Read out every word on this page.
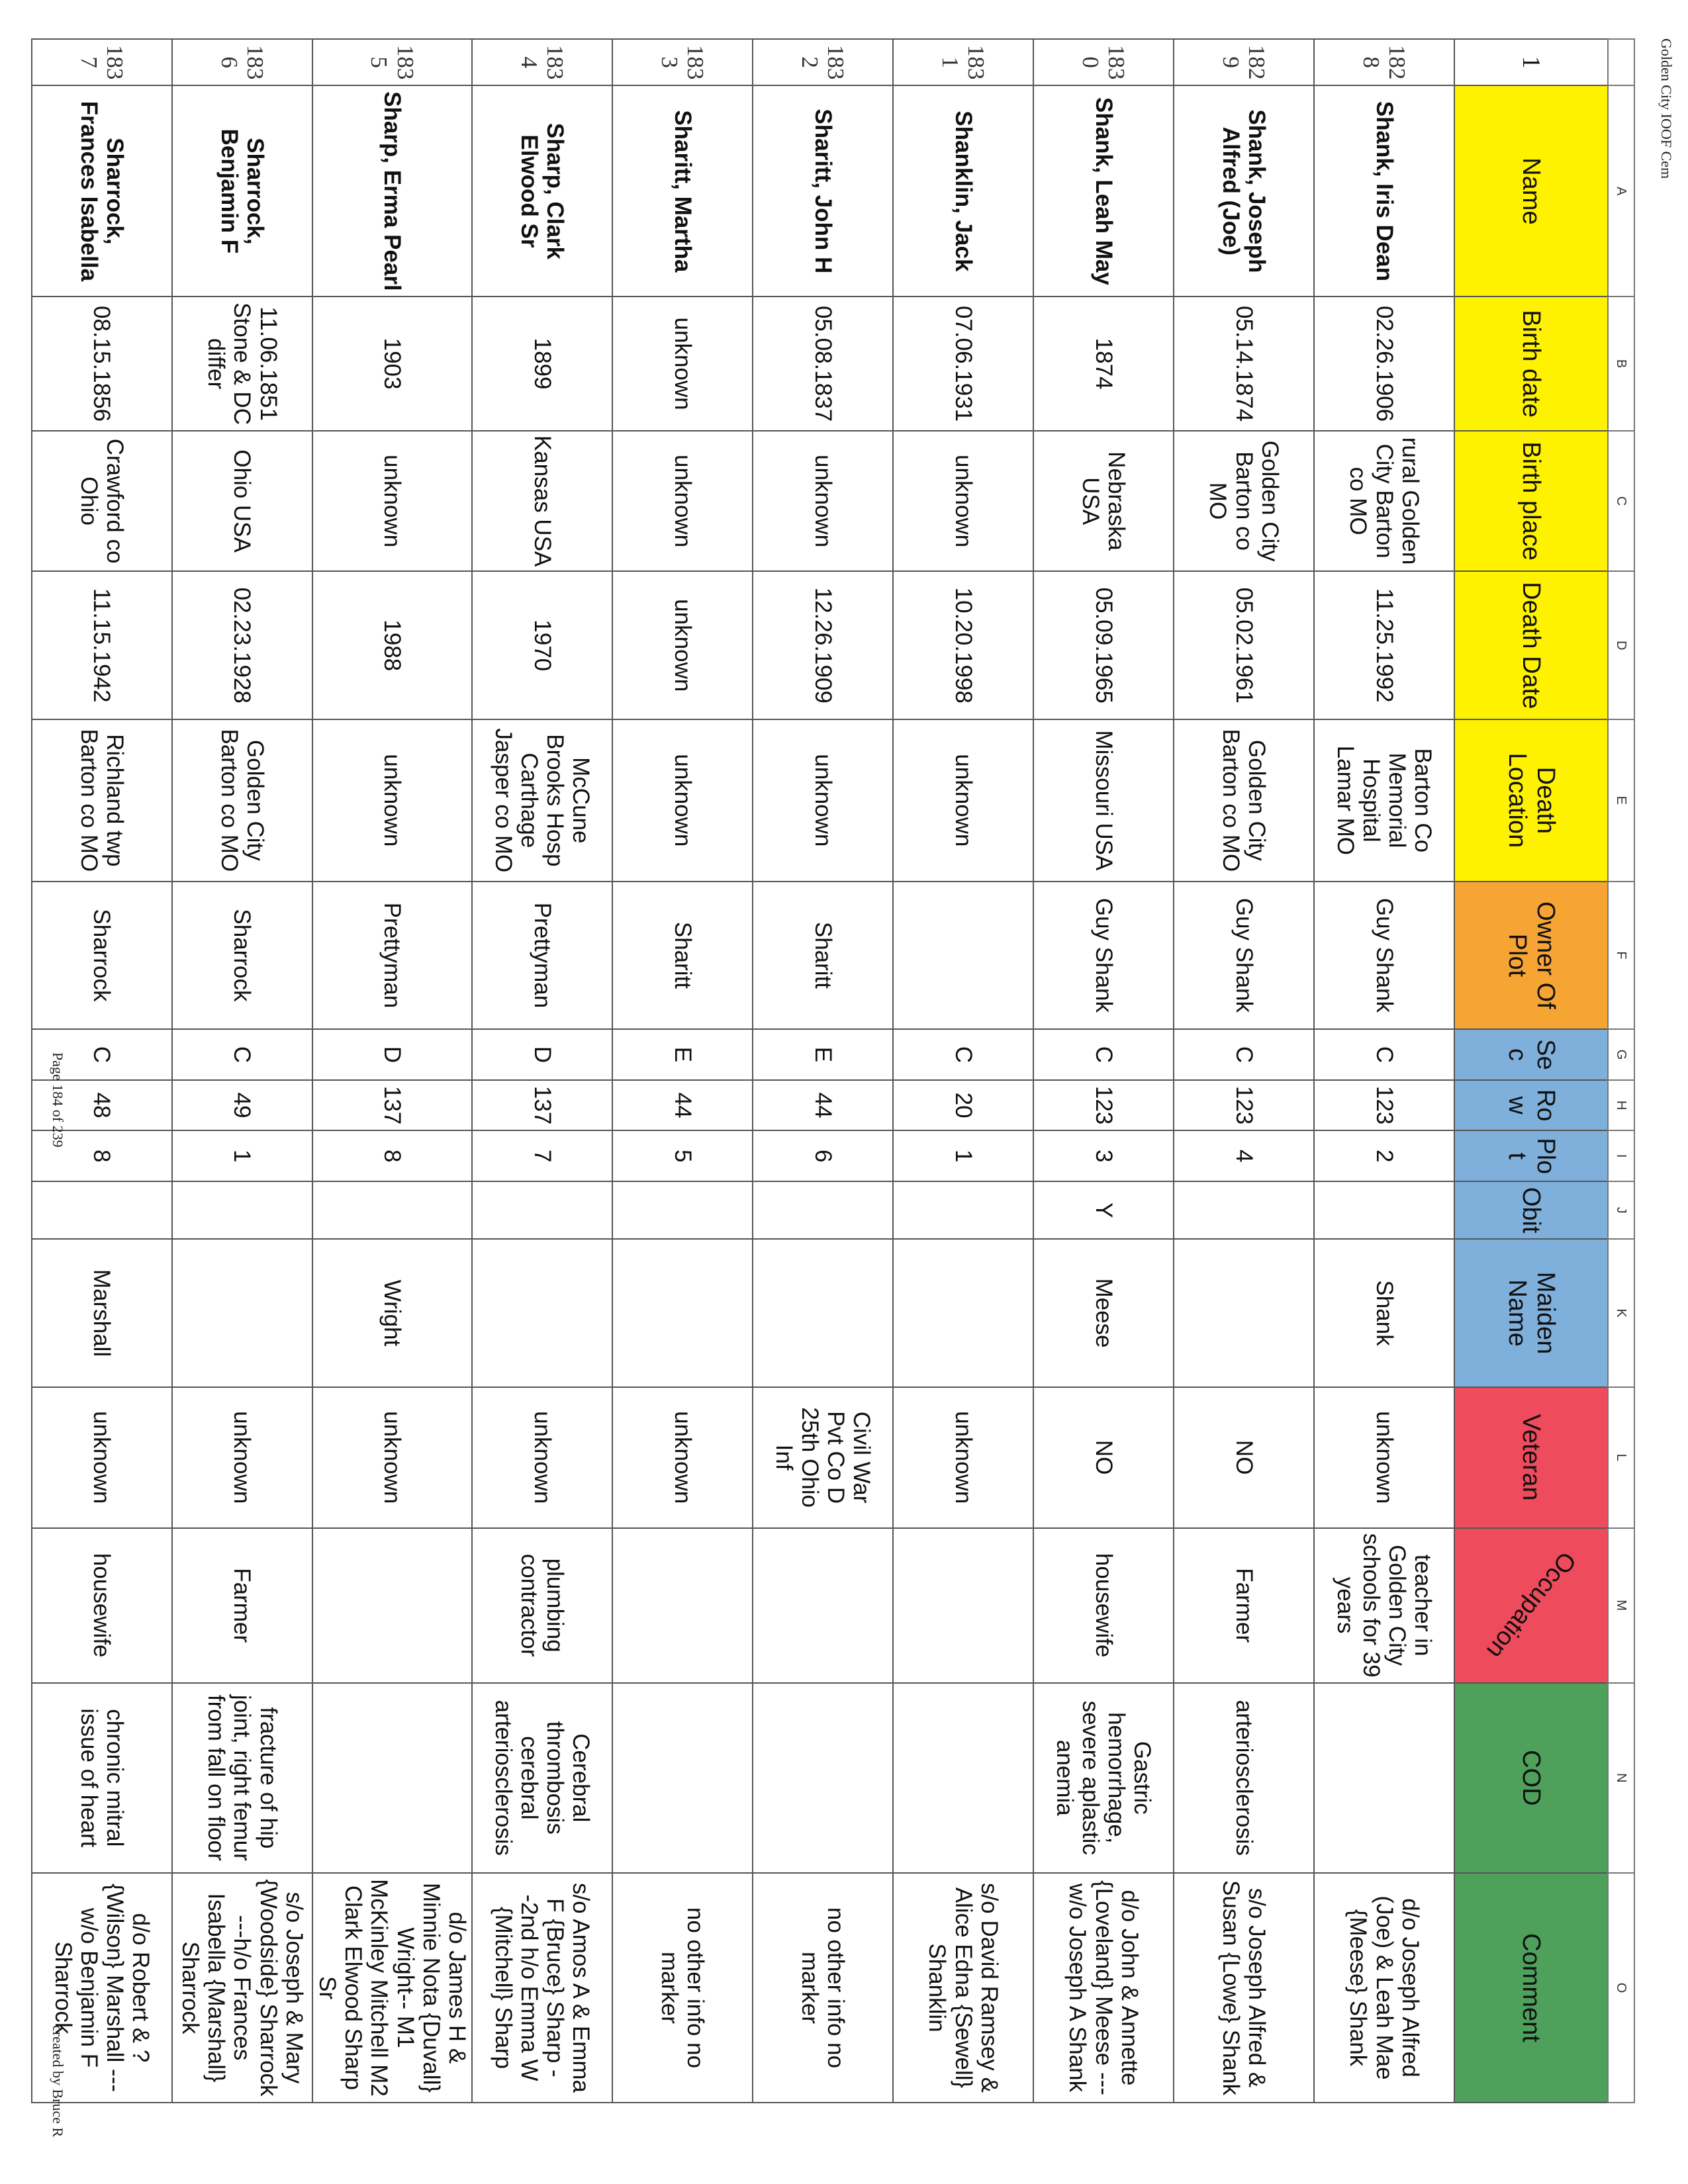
	A	B	C	D	E	F	G	H	I	J	K	L	M	N	O
1	Name	Birth date	Birth place	Death Date	Death Location	Owner Of Plot	Sec	Row	Plot	Obit	Maiden Name	Veteran	Occupation	COD	Comment
1828	Shank, Iris Dean	02.26.1906	rural Golden City Barton co MO	11.25.1992	Barton Co Memorial Hospital Lamar MO	Guy Shank	C	123	2		Shank	unknown	teacher in Golden City schools for 39 years		d/o Joseph Alfred (Joe) & Leah Mae {Meese} Shank
1829	Shank, Joseph Alfred (Joe)	05.14.1874	Golden City Barton co MO	05.02.1961	Golden City Barton co MO	Guy Shank	C	123	4			NO	Farmer	arteriosclerosis	s/o Joseph Alfred & Susan {Lowe} Shank
1830	Shank, Leah May	1874	Nebraska USA	05.09.1965	Missouri USA	Guy Shank	C	123	3	Y	Meese	NO	housewife	Gastric hemorrhage, severe aplastic anemia	d/o John & Annette {Loveland} Meese ---w/o Joseph A Shank
1831	Shanklin, Jack	07.06.1931	unknown	10.20.1998	unknown		C	20	1			unknown			s/o David Ramsey & Alice Edna {Sewell} Shanklin
1832	Sharitt, John H	05.08.1837	unknown	12.26.1909	unknown	Sharitt	E	44	6			Civil War Pvt Co D 25th Ohio Inf			no other info no marker
1833	Sharitt, Martha	unknown	unknown	unknown	unknown	Sharitt	E	44	5			unknown			no other info no marker
1834	Sharp, Clark Elwood Sr	1899	Kansas USA	1970	McCune Brooks Hosp Carthage Jasper co MO	Prettyman	D	137	7			unknown	plumbing contractor	Cerebral thrombosis cerebral arteriosclerosis	s/o Amos A & Emma F {Bruce} Sharp --2nd h/o Emma W {Mitchell} Sharp
1835	Sharp, Erma Pearl	1903	unknown	1988	unknown	Prettyman	D	137	8		Wright	unknown			d/o James H & Minnie Nota {Duvall} Wright-- M1 McKinley Mitchell M2 Clark Elwood Sharp Sr
1836	Sharrock, Benjamin F	11.06.1851 Stone & DC differ	Ohio USA	02.23.1928	Golden City Barton co MO	Sharrock	C	49	1			unknown	Farmer	fracture of hip joint, right femur from fall on floor	s/o Joseph & Mary {Woodside} Sharrock ---h/o Frances Isabella {Marshall} Sharrock
1837	Sharrock, Frances Isabella	08.15.1856	Crawford co Ohio	11.15.1942	Richland twp Barton co MO	Sharrock	C	48	8		Marshall	unknown	housewife	chronic mitral issue of heart	d/o Robert & ? {Wilson} Marshall ---w/o Benjamin F Sharrock
Golden City IOOF Cem
Page 184 of 239
created by Bruce R
